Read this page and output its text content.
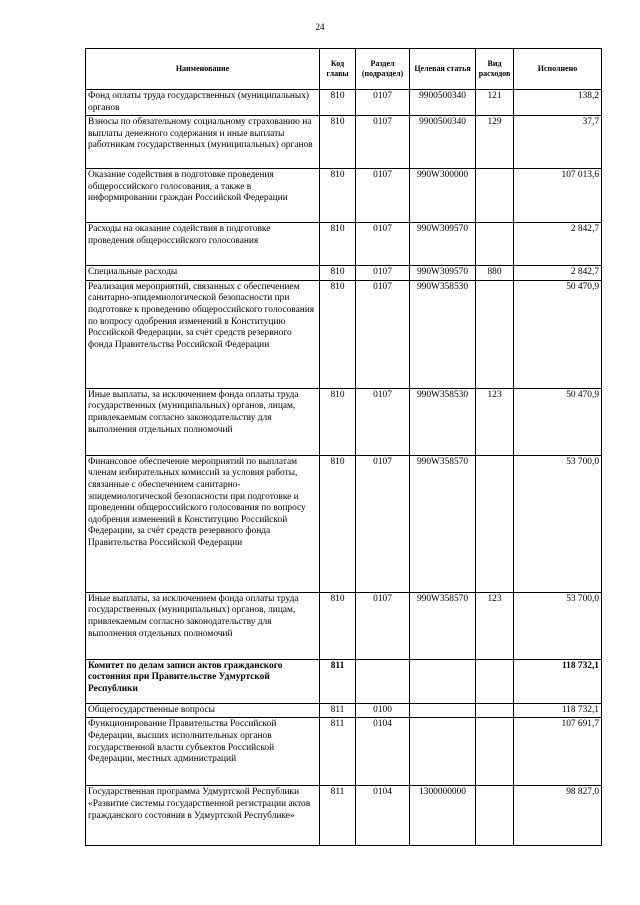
24
Наименование	Код главы	Раздел (подраздел)	Целевая статья	Вид расходов	Исполнено
Фонд оплаты труда государственных (муниципальных) органов	810	0107	9900500340	121	138,2
Взносы по обязательному социальному страхованию на выплаты денежного содержания и иные выплаты работникам государственных (муниципальных) органов	810	0107	9900500340	129	37,7
Оказание содействия в подготовке проведения общероссийского голосования, а также в информировании граждан Российской Федерации	810	0107	990W300000		107 013,6
Расходы на оказание содействия в подготовке проведения общероссийского голосования	810	0107	990W309570		2 842,7
Специальные расходы	810	0107	990W309570	880	2 842,7
Реализация мероприятий, связанных с обеспечением санитарно-эпидемиологической безопасности при подготовке к проведению общероссийского голосования по вопросу одобрения изменений в Конституцию Российской Федерации, за счёт средств резервного фонда Правительства Российской Федерации	810	0107	990W358530		50 470,9
Иные выплаты, за исключением фонда оплаты труда государственных (муниципальных) органов, лицам, привлекаемым согласно законодательству для выполнения отдельных полномочий	810	0107	990W358530	123	50 470,9
Финансовое обеспечение мероприятий по выплатам членам избирательных комиссий за условия работы, связанные с обеспечением санитарно-эпидемиологической безопасности при подготовке и проведении общероссийского голосования по вопросу одобрения изменений в Конституцию Российской Федерации, за счёт средств резервного фонда Правительства Российской Федерации	810	0107	990W358570		53 700,0
Иные выплаты, за исключением фонда оплаты труда государственных (муниципальных) органов, лицам, привлекаемым согласно законодательству для выполнения отдельных полномочий	810	0107	990W358570	123	53 700,0
Комитет по делам записи актов гражданского состояния при Правительстве Удмуртской Республики	811				118 732,1
Общегосударственные вопросы	811	0100			118 732,1
Функционирование Правительства Российской Федерации, высших исполнительных органов государственной власти субъектов Российской Федерации, местных администраций	811	0104			107 691,7
Государственная программа Удмуртской Республики «Развитие системы государственной регистрации актов гражданского состояния в Удмуртской Республике»	811	0104	1300000000		98 827,0
